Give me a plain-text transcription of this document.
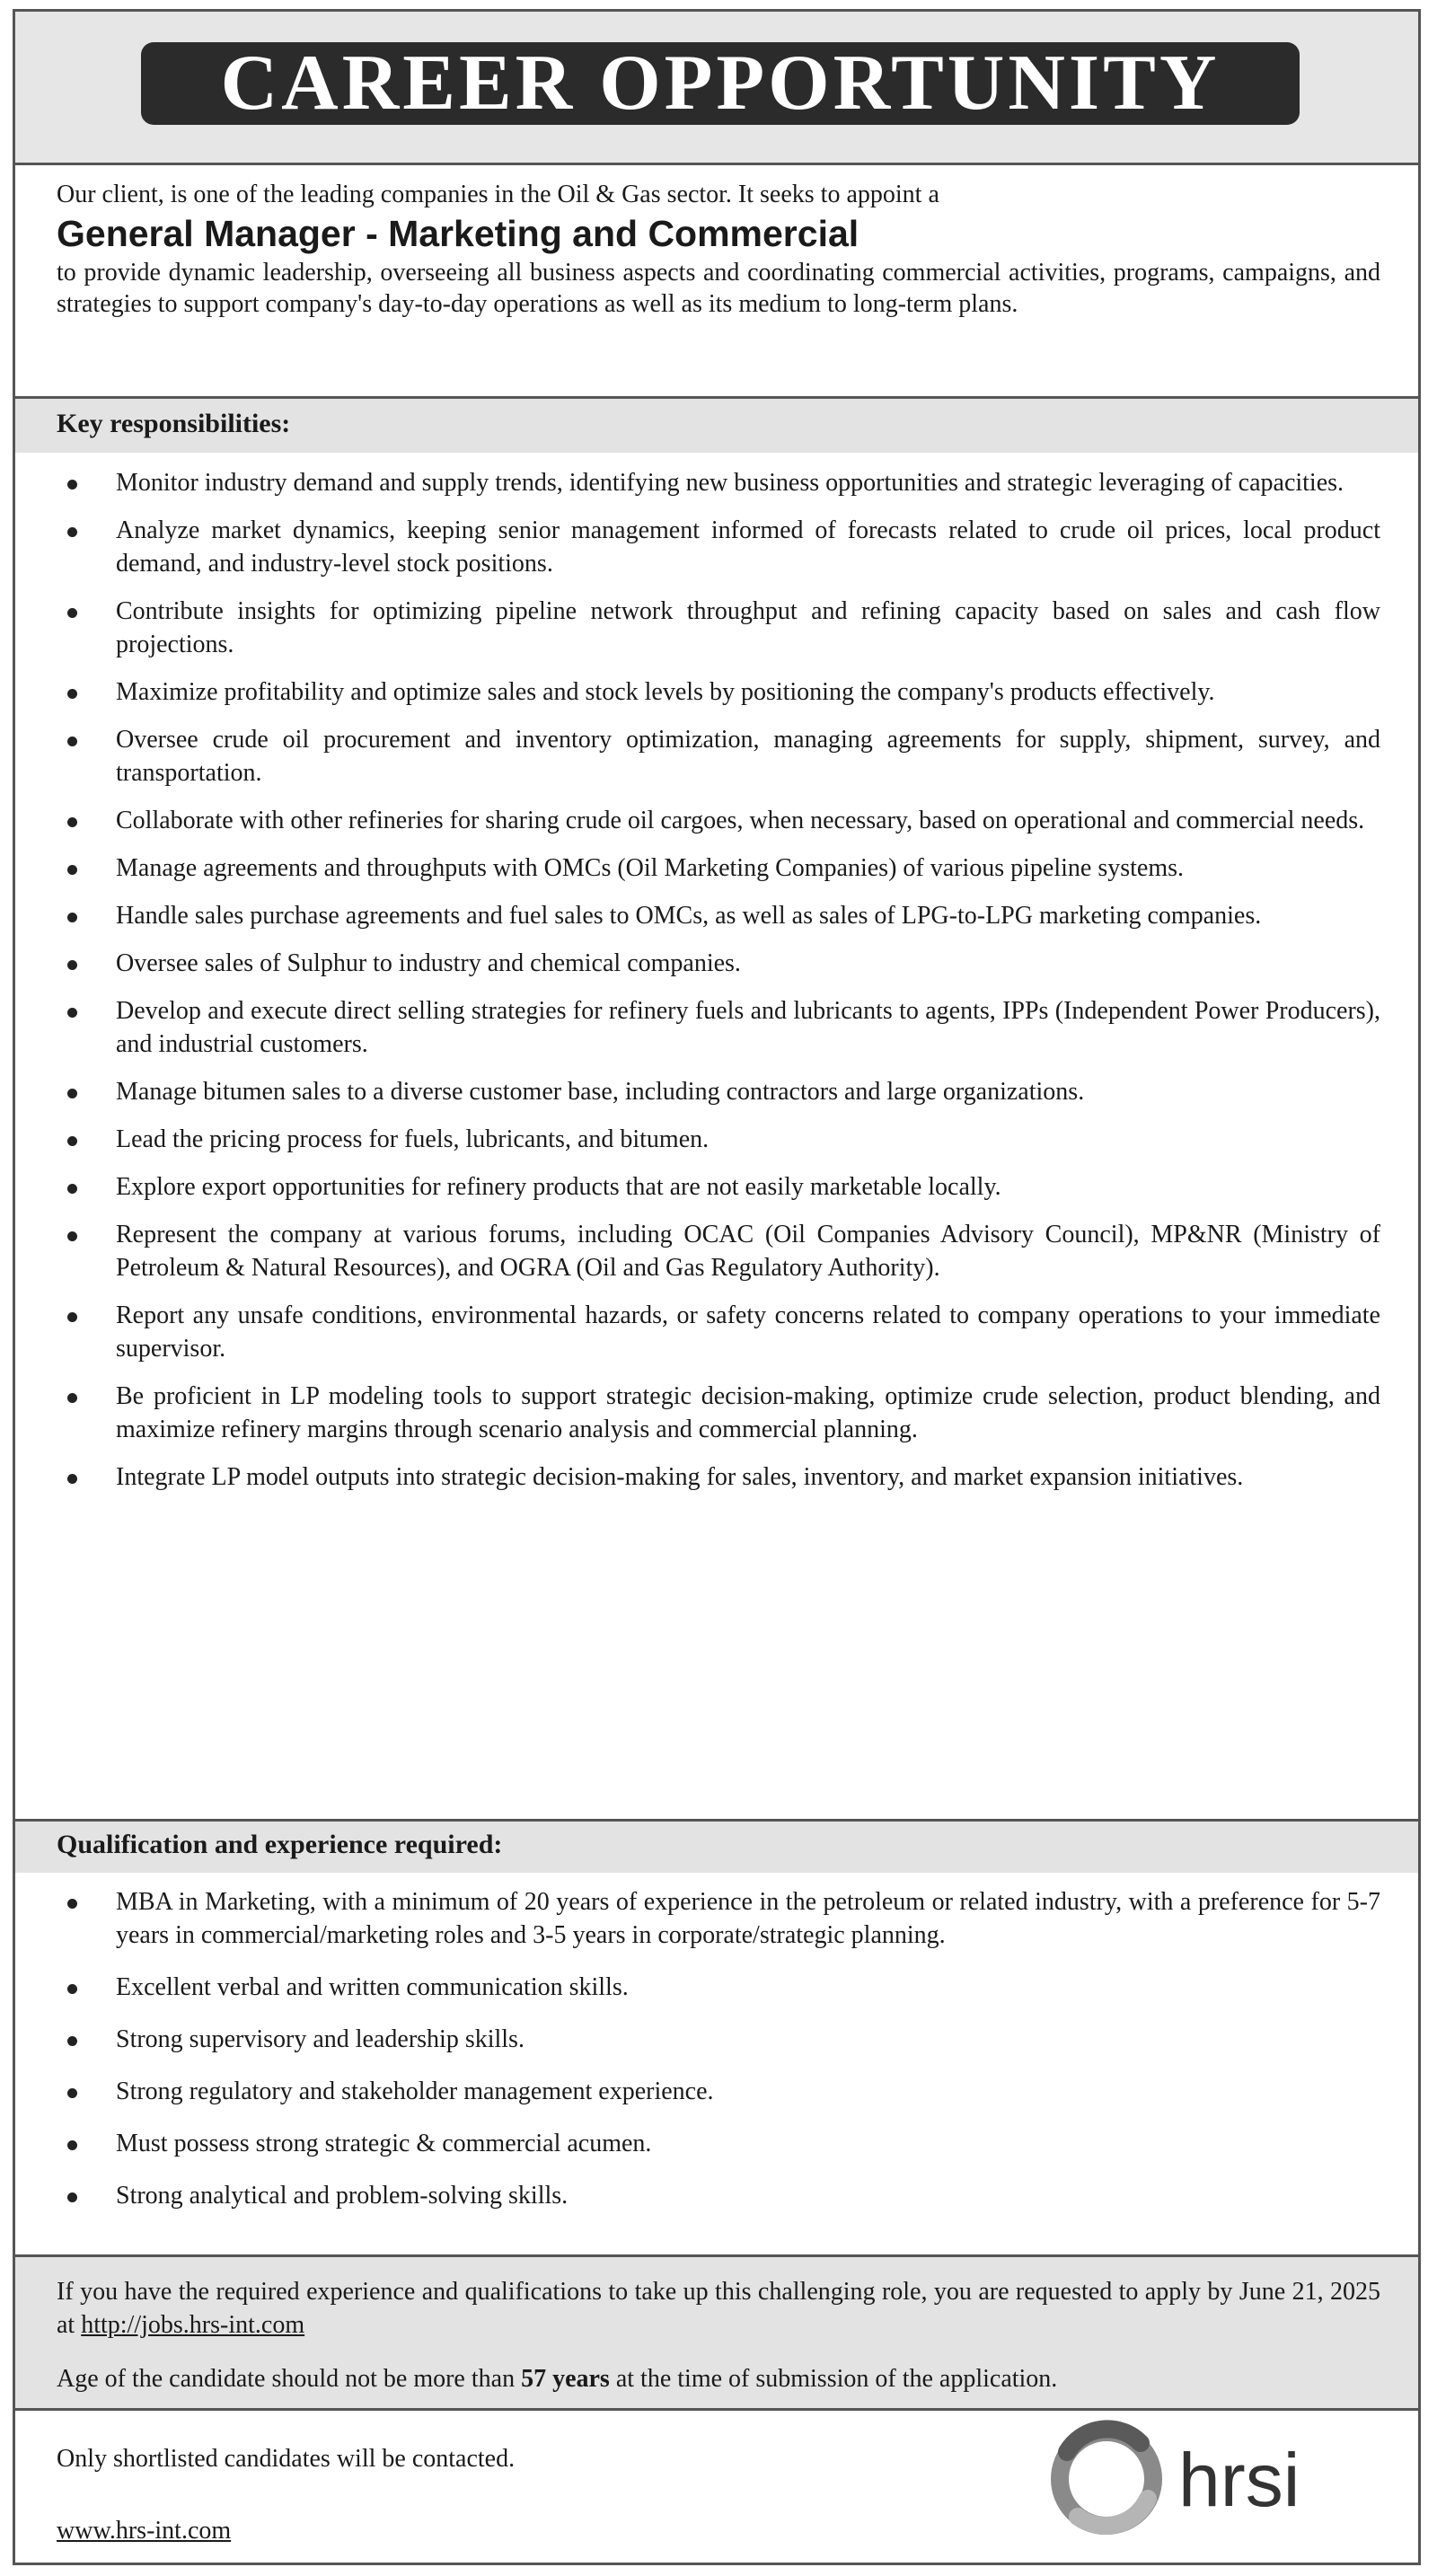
CAREER OPPORTUNITY
Our client, is one of the leading companies in the Oil & Gas sector. It seeks to appoint a
General Manager - Marketing and Commercial
to provide dynamic leadership, overseeing all business aspects and coordinating commercial activities, programs, campaigns, and strategies to support company's day-to-day operations as well as its medium to long-term plans.
Key responsibilities:
Monitor industry demand and supply trends, identifying new business opportunities and strategic leveraging of capacities.
Analyze market dynamics, keeping senior management informed of forecasts related to crude oil prices, local product demand, and industry-level stock positions.
Contribute insights for optimizing pipeline network throughput and refining capacity based on sales and cash flow projections.
Maximize profitability and optimize sales and stock levels by positioning the company's products effectively.
Oversee crude oil procurement and inventory optimization, managing agreements for supply, shipment, survey, and transportation.
Collaborate with other refineries for sharing crude oil cargoes, when necessary, based on operational and commercial needs.
Manage agreements and throughputs with OMCs (Oil Marketing Companies) of various pipeline systems.
Handle sales purchase agreements and fuel sales to OMCs, as well as sales of LPG-to-LPG marketing companies.
Oversee sales of Sulphur to industry and chemical companies.
Develop and execute direct selling strategies for refinery fuels and lubricants to agents, IPPs (Independent Power Producers), and industrial customers.
Manage bitumen sales to a diverse customer base, including contractors and large organizations.
Lead the pricing process for fuels, lubricants, and bitumen.
Explore export opportunities for refinery products that are not easily marketable locally.
Represent the company at various forums, including OCAC (Oil Companies Advisory Council), MP&NR (Ministry of Petroleum & Natural Resources), and OGRA (Oil and Gas Regulatory Authority).
Report any unsafe conditions, environmental hazards, or safety concerns related to company operations to your immediate supervisor.
Be proficient in LP modeling tools to support strategic decision-making, optimize crude selection, product blending, and maximize refinery margins through scenario analysis and commercial planning.
Integrate LP model outputs into strategic decision-making for sales, inventory, and market expansion initiatives.
Qualification and experience required:
MBA in Marketing, with a minimum of 20 years of experience in the petroleum or related industry, with a preference for 5-7 years in commercial/marketing roles and 3-5 years in corporate/strategic planning.
Excellent verbal and written communication skills.
Strong supervisory and leadership skills.
Strong regulatory and stakeholder management experience.
Must possess strong strategic & commercial acumen.
Strong analytical and problem-solving skills.
If you have the required experience and qualifications to take up this challenging role, you are requested to apply by June 21, 2025 at http://jobs.hrs-int.com
Age of the candidate should not be more than 57 years at the time of submission of the application.
Only shortlisted candidates will be contacted.
www.hrs-int.com
hrsi
